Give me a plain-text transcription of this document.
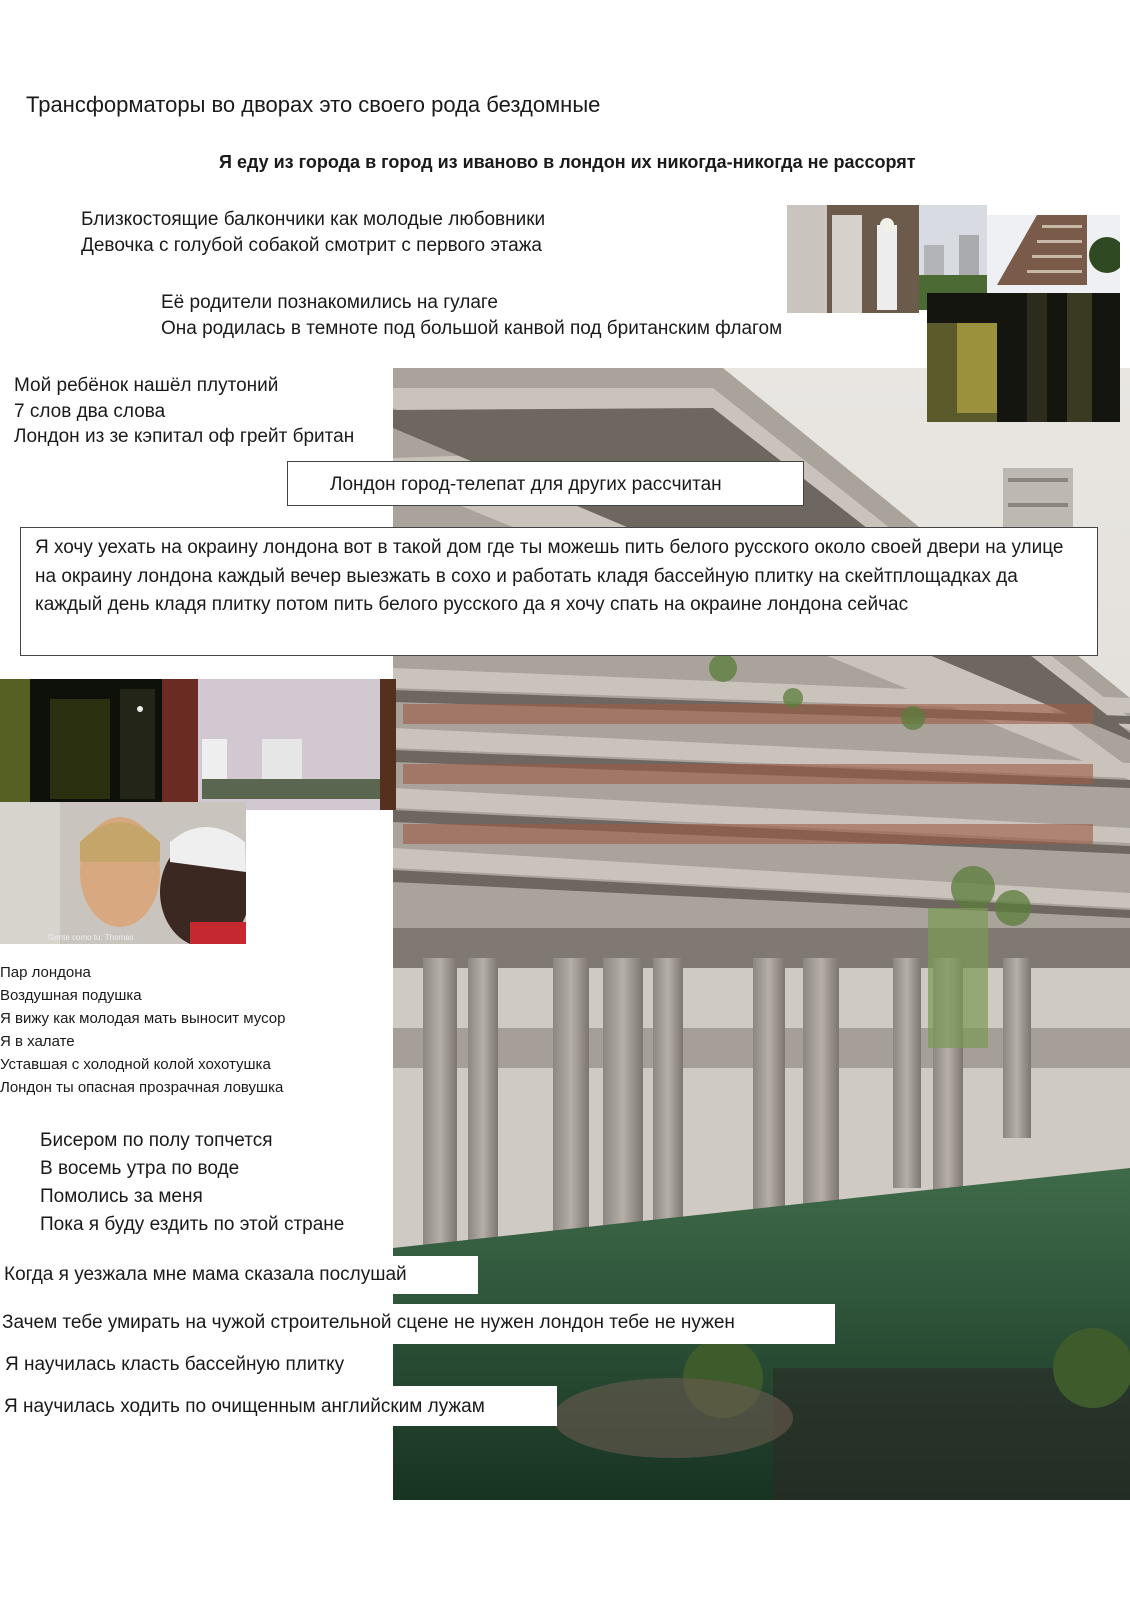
Gente como tu: Thomas
Трансформаторы во дворах это своего рода бездомные
Я еду из города в город из иваново в лондон их никогда-никогда не рассорят
Близкостоящие балкончики как молодые любовники
Девочка с голубой собакой смотрит с первого этажа
Её родители познакомились на гулаге
Она родилась в темноте под большой канвой под британским флагом
Мой ребёнок нашёл плутоний
7 слов два слова
Лондон из зе кэпитал оф грейт британ
Лондон город-телепат для других рассчитан
Я хочу уехать на окраину лондона вот в такой дом где ты можешь пить белого русского около своей двери на улице на окраину лондона каждый вечер выезжать в сохо и работать кладя бассейную плитку на скейтплощадках да каждый день кладя плитку потом пить белого русского да я хочу спать на окраине лондона сейчас
Пар лондона
Воздушная подушка
Я вижу как молодая мать выносит мусор
Я в халате
Уставшая с холодной колой хохотушка
Лондон ты опасная прозрачная ловушка
Бисером по полу топчется
В восемь утра по воде
Помолись за меня
Пока я буду ездить по этой стране
Когда я уезжала мне мама сказала послушай
Зачем тебе умирать на чужой строительной сцене не нужен лондон тебе не нужен
Я научилась класть бассейную плитку
Я научилась ходить по очищенным английским лужам
